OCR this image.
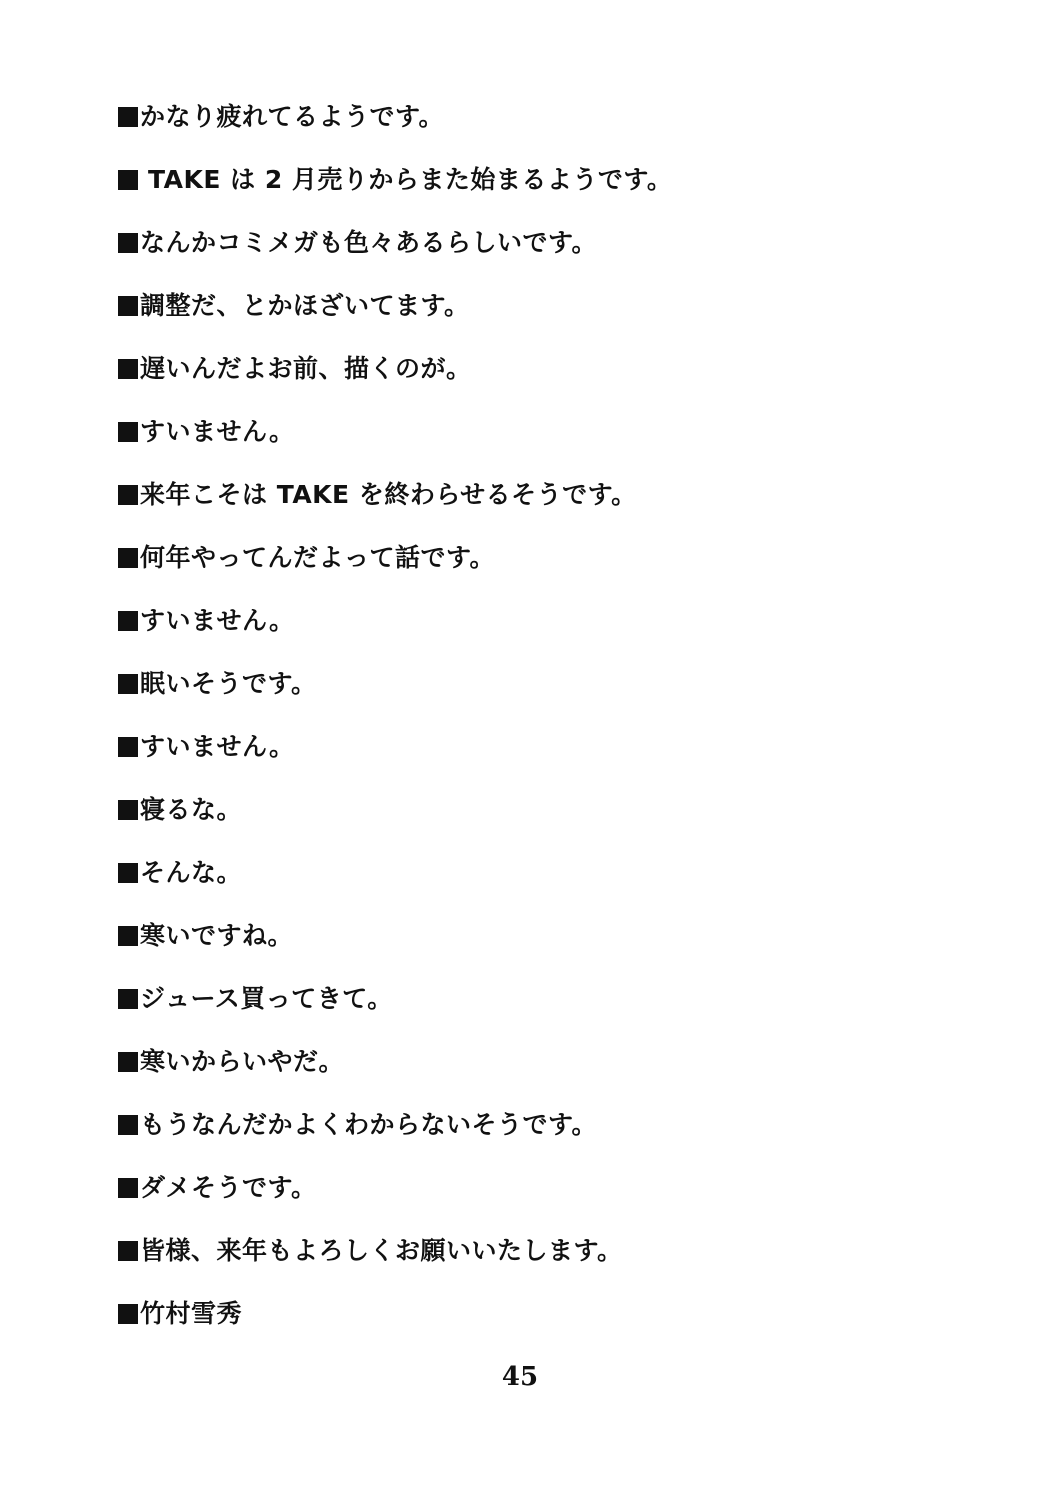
かなり疲れてるようです。

TAKE は 2 月売りからまた始まるようです。

なんかコミメガも色々あるらしいです。

調整だ、とかほざいてます。

遅いんだよお前、描くのが。

すいません。

来年こそは TAKE を終わらせるそうです。

何年やってんだよって話です。

すいません。

眠いそうです。

すいません。

寝るな。

そんな。

寒いですね。

ジュース買ってきて。

寒いからいやだ。

もうなんだかよくわからないそうです。

ダメそうです。

皆様、来年もよろしくお願いいたします。

竹村雪秀

45
